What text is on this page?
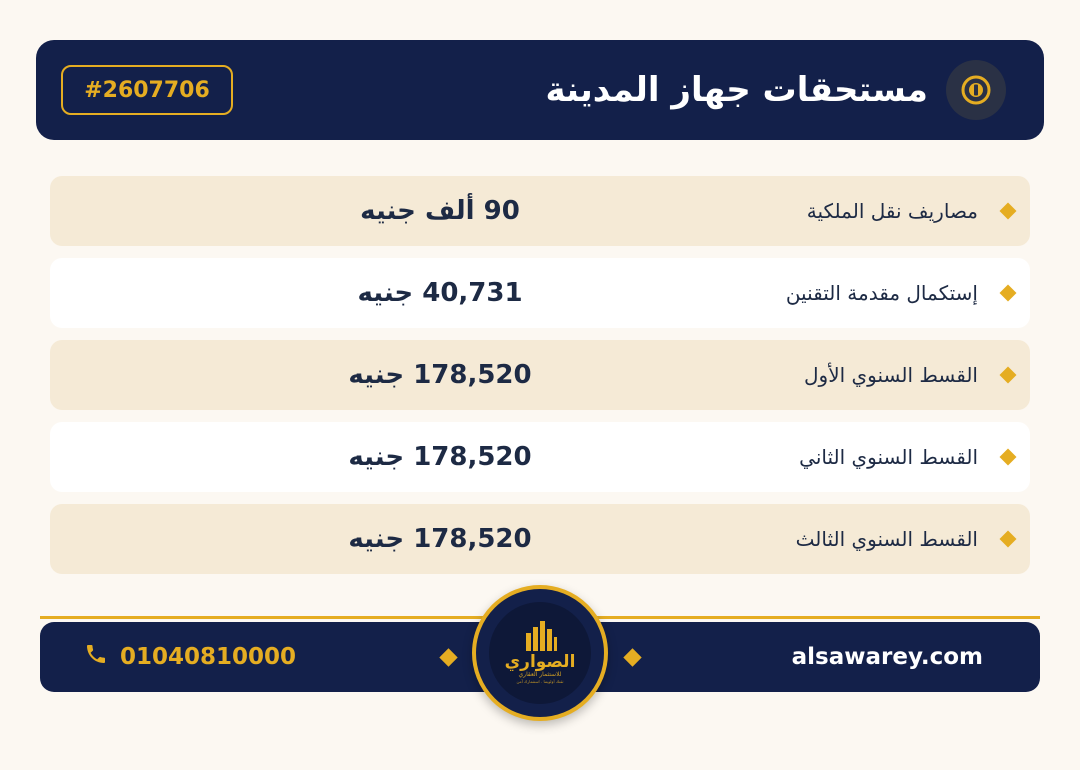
#2607706	مستحقات جهاز المدينة
مصاريف نقل الملكية
90 ألف جنيه
إستكمال مقدمة التقنين
40,731 جنيه
القسط السنوي الأول
178,520 جنيه
القسط السنوي الثاني
178,520 جنيه
القسط السنوي الثالث
178,520 جنيه
01040810000	alsawarey.com
الصواري
للاستثمار العقاري
ثقتك أولويتنا . استثمارك آمن
